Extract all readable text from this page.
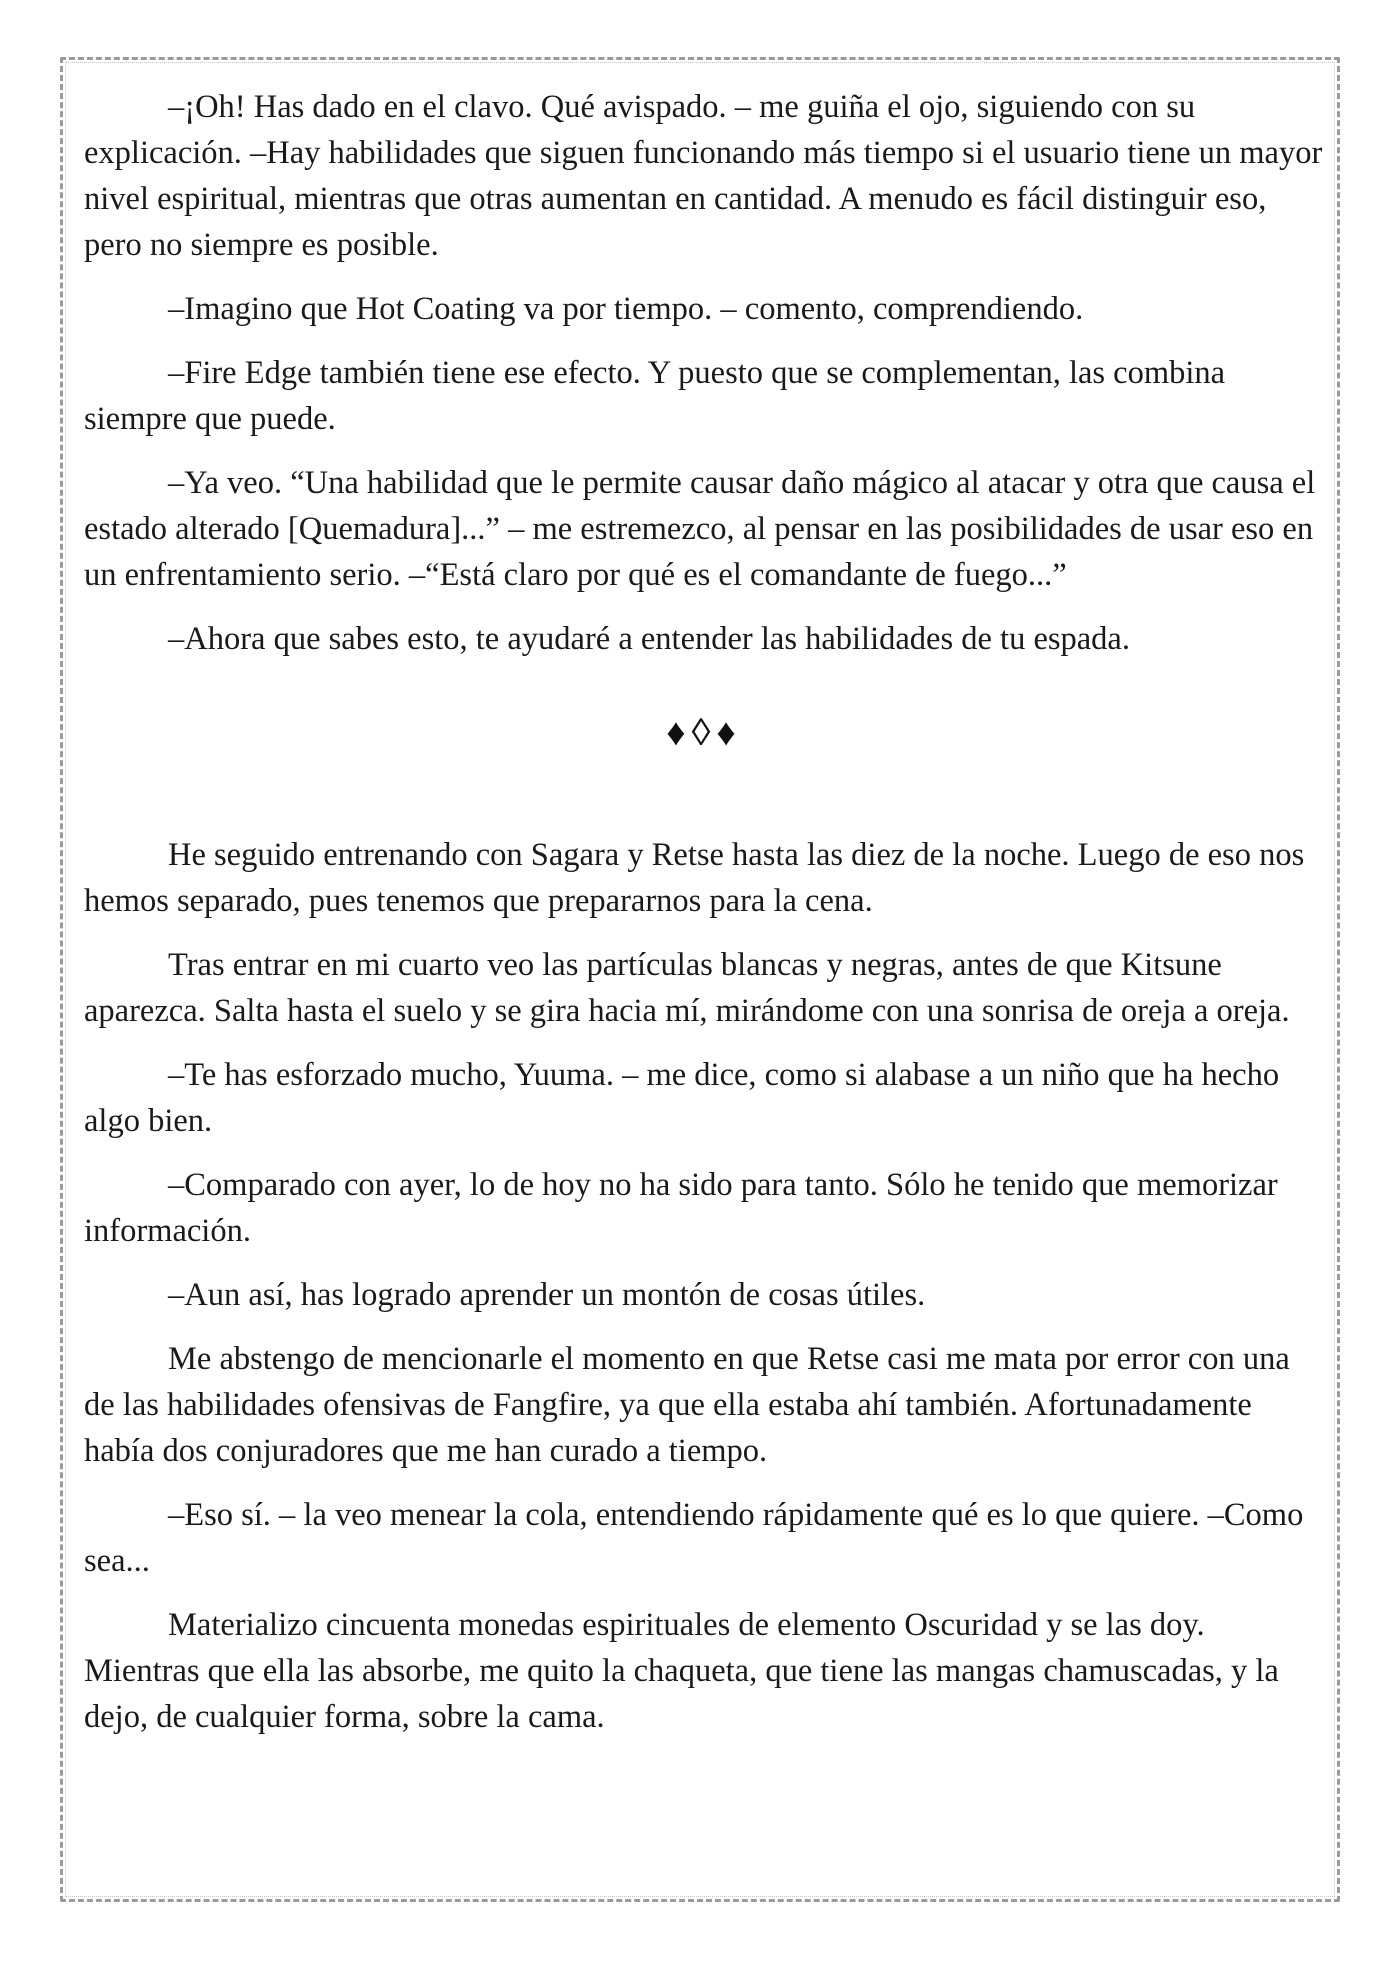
–¡Oh! Has dado en el clavo. Qué avispado. – me guiña el ojo, siguiendo con su explicación. –Hay habilidades que siguen funcionando más tiempo si el usuario tiene un mayor nivel espiritual, mientras que otras aumentan en cantidad. A menudo es fácil distinguir eso, pero no siempre es posible.

–Imagino que Hot Coating va por tiempo. – comento, comprendiendo.

–Fire Edge también tiene ese efecto. Y puesto que se complementan, las combina siempre que puede.

–Ya veo. “Una habilidad que le permite causar daño mágico al atacar y otra que causa el estado alterado [Quemadura]...” – me estremezco, al pensar en las posibilidades de usar eso en un enfrentamiento serio. –“Está claro por qué es el comandante de fuego...”

–Ahora que sabes esto, te ayudaré a entender las habilidades de tu espada.

♦◊♦

He seguido entrenando con Sagara y Retse hasta las diez de la noche. Luego de eso nos hemos separado, pues tenemos que prepararnos para la cena.

Tras entrar en mi cuarto veo las partículas blancas y negras, antes de que Kitsune aparezca. Salta hasta el suelo y se gira hacia mí, mirándome con una sonrisa de oreja a oreja.

–Te has esforzado mucho, Yuuma. – me dice, como si alabase a un niño que ha hecho algo bien.

–Comparado con ayer, lo de hoy no ha sido para tanto. Sólo he tenido que memorizar información.

–Aun así, has logrado aprender un montón de cosas útiles.

Me abstengo de mencionarle el momento en que Retse casi me mata por error con una de las habilidades ofensivas de Fangfire, ya que ella estaba ahí también. Afortunadamente había dos conjuradores que me han curado a tiempo.

–Eso sí. – la veo menear la cola, entendiendo rápidamente qué es lo que quiere. –Como sea...

Materializo cincuenta monedas espirituales de elemento Oscuridad y se las doy. Mientras que ella las absorbe, me quito la chaqueta, que tiene las mangas chamuscadas, y la dejo, de cualquier forma, sobre la cama.
